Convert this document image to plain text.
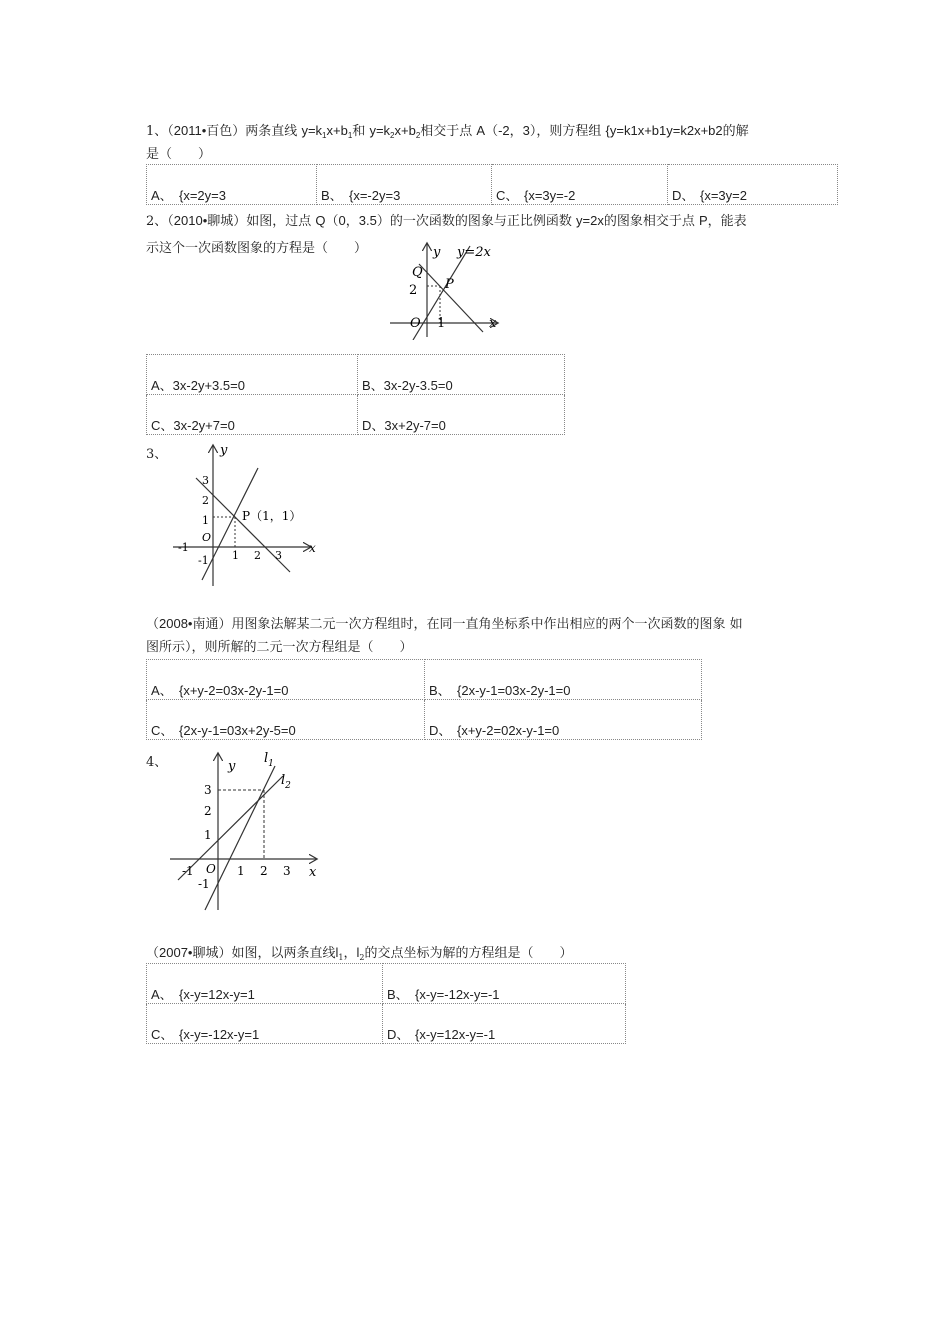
1、（2011•百色）两条直线 $y=k_1x+b_1$和 $y=k_2x+b_2$相交于点 A（-2，3），则方程组 {y=k1x+b1y=k2x+b2的解
是（　　）
A、 {x=2y=3	B、 {x=-2y=3	C、 {x=3y=-2	D、 {x=3y=2
2、（2010•聊城）如图，过点 Q（0，3.5）的一次函数的图象与正比例函数 y=2x的图象相交于点 P，能表
示这个一次函数图象的方程是（　　）	y y=2x
Q
P
2
O 1	x
A、3x-2y+3.5=0	B、3x-2y-3.5=0
C、3x-2y+7=0	D、3x+2y-7=0
3、	y
x
3
2
1
-1
-1
1 2 3
O
P（1，1）
（2008•南通）用图象法解某二元一次方程组时，在同一直角坐标系中作出相应的两个一次函数的图象 如
图所示），则所解的二元一次方程组是（　　）
A、 {x+y-2=03x-2y-1=0	B、 {2x-y-1=03x-2y-1=0
C、 {2x-y-1=03x+2y-5=0	D、 {x+y-2=02x-y-1=0
4、	y
x
$l_1$
$l_2$
3
2
1
-1
-1	1 2 3
O
（2007•聊城）如图，以两条直线$l_1$，$l_2$的交点坐标为解的方程组是（　　）
A、 {x-y=12x-y=1	B、 {x-y=-12x-y=-1
C、 {x-y=-12x-y=1	D、 {x-y=12x-y=-1
